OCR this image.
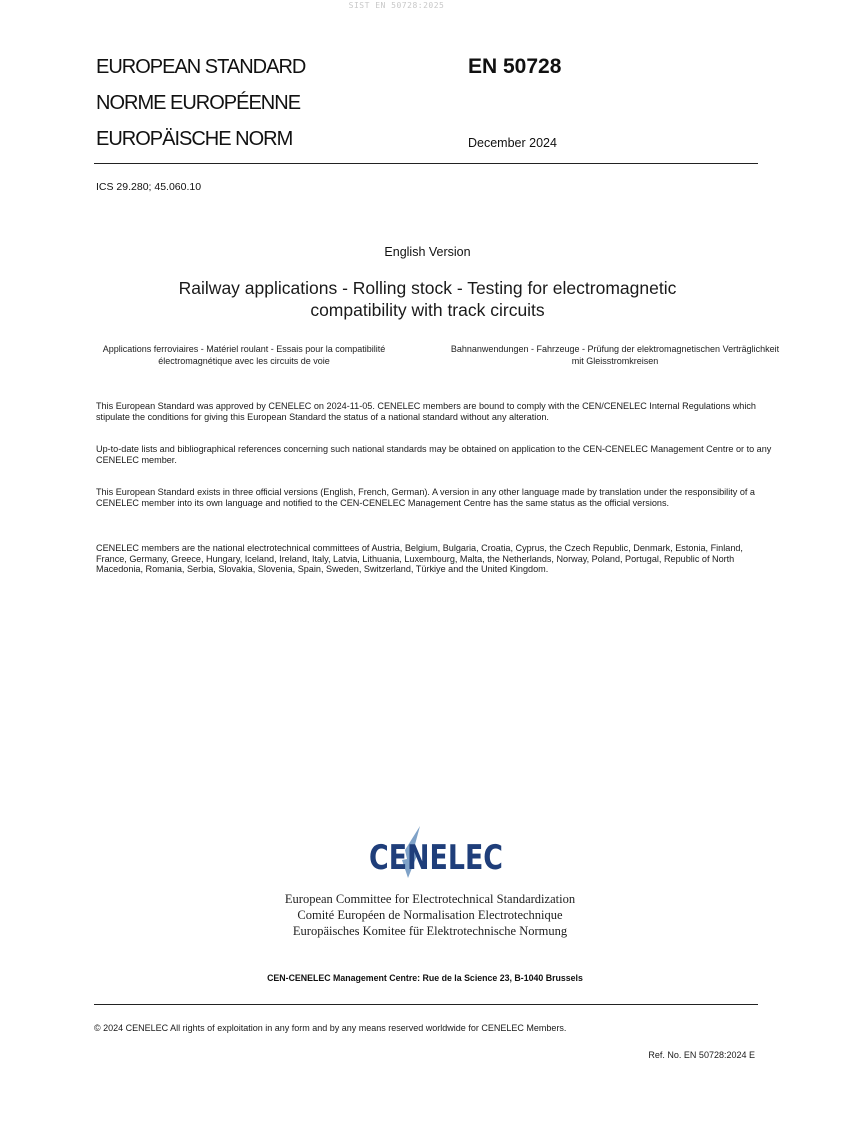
SIST EN 50728:2025
EUROPEAN STANDARD
NORME EUROPÉENNE
EUROPÄISCHE NORM
EN 50728
December 2024
ICS 29.280; 45.060.10
English Version
Railway applications - Rolling stock - Testing for electromagnetic compatibility with track circuits
Applications ferroviaires - Matériel roulant - Essais pour la compatibilité électromagnétique avec les circuits de voie
Bahnanwendungen - Fahrzeuge - Prüfung der elektromagnetischen Verträglichkeit mit Gleisstromkreisen
This European Standard was approved by CENELEC on 2024-11-05. CENELEC members are bound to comply with the CEN/CENELEC Internal Regulations which stipulate the conditions for giving this European Standard the status of a national standard without any alteration.
Up-to-date lists and bibliographical references concerning such national standards may be obtained on application to the CEN-CENELEC Management Centre or to any CENELEC member.
This European Standard exists in three official versions (English, French, German). A version in any other language made by translation under the responsibility of a CENELEC member into its own language and notified to the CEN-CENELEC Management Centre has the same status as the official versions.
CENELEC members are the national electrotechnical committees of Austria, Belgium, Bulgaria, Croatia, Cyprus, the Czech Republic, Denmark, Estonia, Finland, France, Germany, Greece, Hungary, Iceland, Ireland, Italy, Latvia, Lithuania, Luxembourg, Malta, the Netherlands, Norway, Poland, Portugal, Republic of North Macedonia, Romania, Serbia, Slovakia, Slovenia, Spain, Sweden, Switzerland, Türkiye and the United Kingdom.
CENELEC
European Committee for Electrotechnical Standardization
Comité Européen de Normalisation Electrotechnique
Europäisches Komitee für Elektrotechnische Normung
CEN-CENELEC Management Centre: Rue de la Science 23, B-1040 Brussels
© 2024 CENELEC All rights of exploitation in any form and by any means reserved worldwide for CENELEC Members.
Ref. No. EN 50728:2024 E
